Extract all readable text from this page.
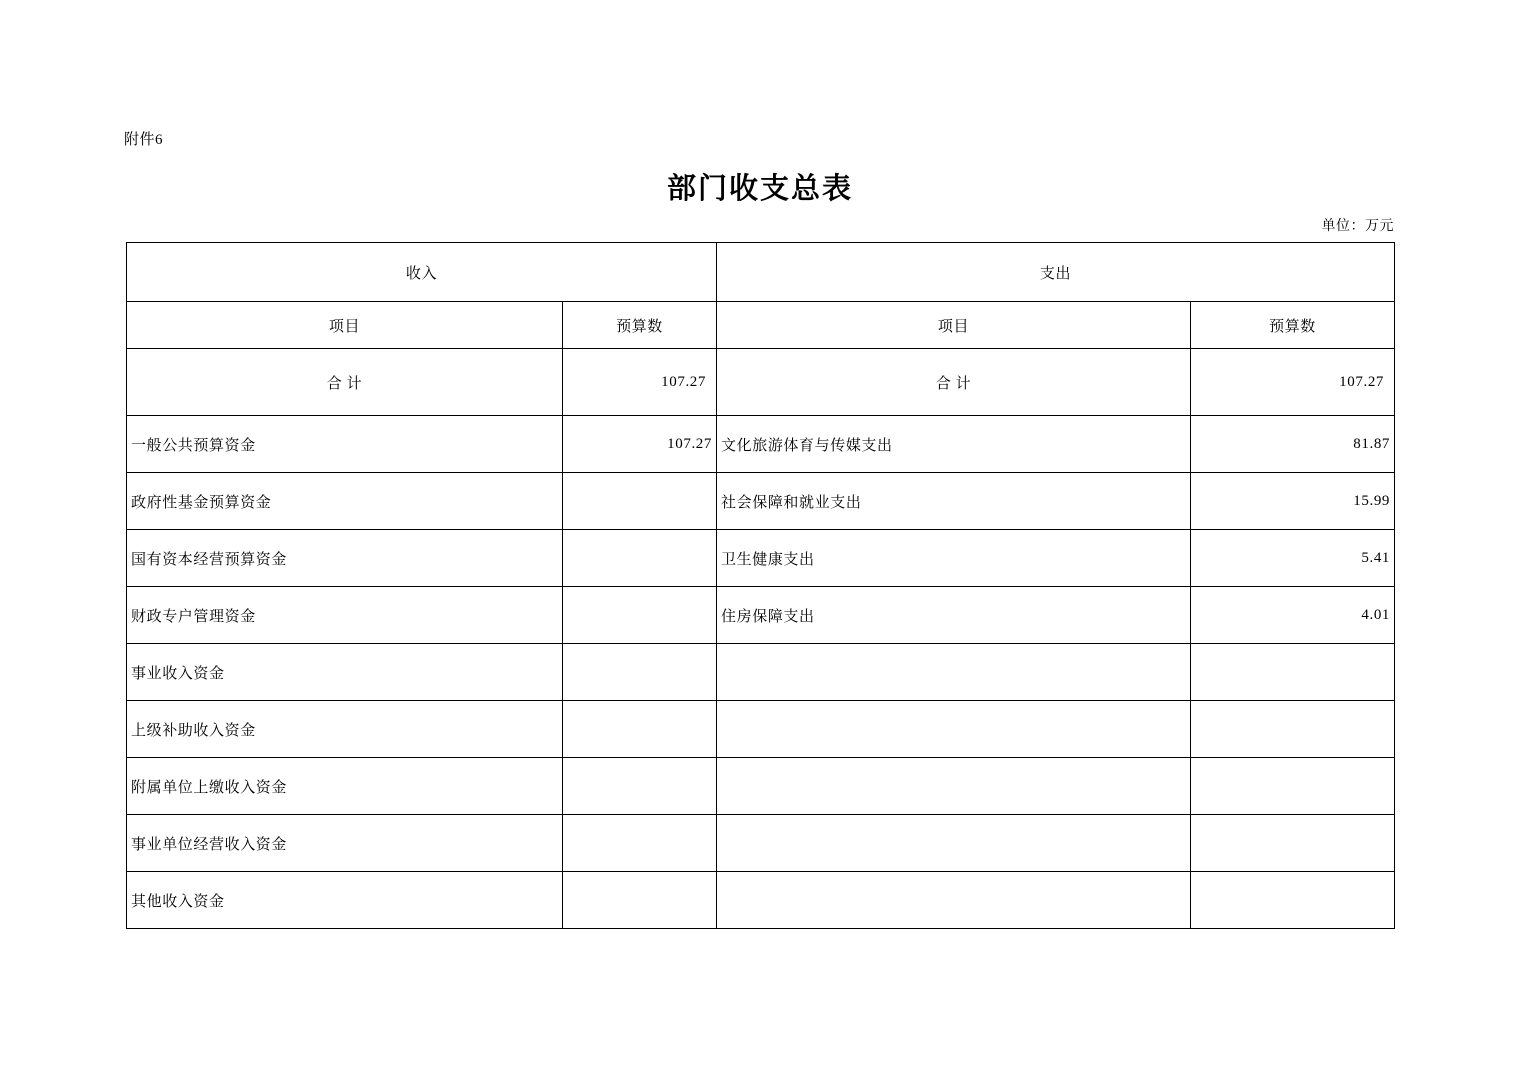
附件6
部门收支总表
单位：万元
收入		支出	
项目	预算数	项目	预算数
合 计	107.27	合 计	107.27
一般公共预算资金	107.27	文化旅游体育与传媒支出	81.87
政府性基金预算资金		社会保障和就业支出	15.99
国有资本经营预算资金		卫生健康支出	5.41
财政专户管理资金		住房保障支出	4.01
事业收入资金			
上级补助收入资金			
附属单位上缴收入资金			
事业单位经营收入资金			
其他收入资金			
